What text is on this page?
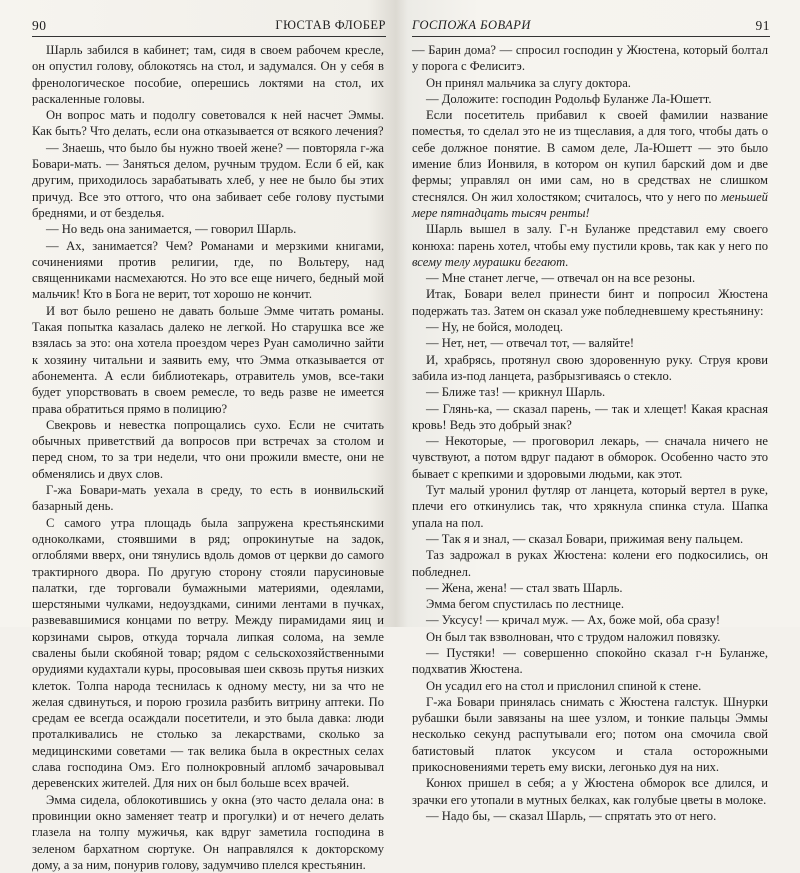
90	ГЮСТАВ ФЛОБЕР

Шарль забился в кабинет; там, сидя в своем рабочем кресле, он опустил голову, облокотясь на стол, и задумался. Он у себя в френологическое пособие, оперешись локтями на стол, их раскаленные головы.

Он вопрос мать и подолгу советовался к ней насчет Эммы. Как быть? Что делать, если она отказывается от всякого лечения?

— Знаешь, что было бы нужно твоей жене? — повторяла г-жа Бовари-мать. — Заняться делом, ручным трудом. Если б ей, как другим, приходилось зарабатывать хлеб, у нее не было бы этих причуд. Все это оттого, что она забивает себе голову пустыми бреднями, и от безделья.

— Но ведь она занимается, — говорил Шарль.

— Ах, занимается? Чем? Романами и мерзкими книгами, сочинениями против религии, где, по Вольтеру, над священниками насмехаются. Но это все еще ничего, бедный мой мальчик! Кто в Бога не верит, тот хорошо не кончит.

И вот было решено не давать больше Эмме читать романы. Такая попытка казалась далеко не легкой. Но старушка все же взялась за это: она хотела проездом через Руан самолично зайти к хозяину читальни и заявить ему, что Эмма отказывается от абонемента. А если библиотекарь, отравитель умов, все-таки будет упорствовать в своем ремесле, то ведь разве не имеется права обратиться прямо в полицию?

Свекровь и невестка попрощались сухо. Если не считать обычных приветствий да вопросов при встречах за столом и перед сном, то за три недели, что они прожили вместе, они не обменялись и двух слов.

Г-жа Бовари-мать уехала в среду, то есть в ионвильский базарный день.

С самого утра площадь была запружена крестьянскими одноколками, стоявшими в ряд; опрокинутые на задок, оглоблями вверх, они тянулись вдоль домов от церкви до самого трактирного двора. По другую сторону стояли парусиновые палатки, где торговали бумажными материями, одеялами, шерстяными чулками, недоуздками, синими лентами в пучках, развевавшимися концами по ветру. Между пирамидами яиц и корзинами сыров, откуда торчала липкая солома, на земле свалены были скобяной товар; рядом с сельскохозяйственными орудиями кудахтали куры, просовывая шеи сквозь прутья низких клеток. Толпа народа теснилась к одному месту, ни за что не желая сдвинуться, и порою грозила разбить витрину аптеки. По средам ее всегда осаждали посетители, и это была давка: люди проталкивались не столько за лекарствами, сколько за медицинскими советами — так велика была в окрестных селах слава господина Омэ. Его полнокровный апломб зачаровывал деревенских жителей. Для них он был больше всех врачей.

Эмма сидела, облокотившись у окна (это часто делала она: в провинции окно заменяет театр и прогулки) и от нечего делать глазела на толпу мужичья, как вдруг заметила господина в зеленом бархатном сюртуке. Он направлялся к докторскому дому, а за ним, понурив голову, задумчиво плелся крестьянин.

ГОСПОЖА БОВАРИ	91

— Барин дома? — спросил господин у Жюстена, который болтал у порога с Фелиситэ.

Он принял мальчика за слугу доктора.

— Доложите: господин Родольф Буланже Ла-Юшетт.

Если посетитель прибавил к своей фамилии название поместья, то сделал это не из тщеславия, а для того, чтобы дать о себе должное понятие. В самом деле, Ла-Юшетт — это было имение близ Ионвиля, в котором он купил барский дом и две фермы; управлял он ими сам, но в средствах не слишком стеснялся. Он жил холостяком; считалось, что у него по меньшей мере пятнадцать тысяч ренты!

Шарль вышел в залу. Г-н Буланже представил ему своего конюха: парень хотел, чтобы ему пустили кровь, так как у него по всему телу мурашки бегают.

— Мне станет легче, — отвечал он на все резоны.

Итак, Бовари велел принести бинт и попросил Жюстена подержать таз. Затем он сказал уже побледневшему крестьянину:

— Ну, не бойся, молодец.

— Нет, нет, — отвечал тот, — валяйте!

И, храбрясь, протянул свою здоровенную руку. Струя крови забила из-под ланцета, разбрызгиваясь о стекло.

— Ближе таз! — крикнул Шарль.

— Глянь-ка, — сказал парень, — так и хлещет! Какая красная кровь! Ведь это добрый знак?

— Некоторые, — проговорил лекарь, — сначала ничего не чувствуют, а потом вдруг падают в обморок. Особенно часто это бывает с крепкими и здоровыми людьми, как этот.

Тут малый уронил футляр от ланцета, который вертел в руке, плечи его откинулись так, что хрякнула спинка стула. Шапка упала на пол.

— Так я и знал, — сказал Бовари, прижимая вену пальцем.

Таз задрожал в руках Жюстена: колени его подкосились, он побледнел.

— Жена, жена! — стал звать Шарль.

Эмма бегом спустилась по лестнице.

— Уксусу! — кричал муж. — Ах, боже мой, оба сразу!

Он был так взволнован, что с трудом наложил повязку.

— Пустяки! — совершенно спокойно сказал г-н Буланже, подхватив Жюстена.

Он усадил его на стол и прислонил спиной к стене.

Г-жа Бовари принялась снимать с Жюстена галстук. Шнурки рубашки были завязаны на шее узлом, и тонкие пальцы Эммы несколько секунд распутывали его; потом она смочила свой батистовый платок уксусом и стала осторожными прикосновениями тереть ему виски, легонько дуя на них.

Конюх пришел в себя; а у Жюстена обморок все длился, и зрачки его утопали в мутных белках, как голубые цветы в молоке.

— Надо бы, — сказал Шарль, — спрятать это от него.
